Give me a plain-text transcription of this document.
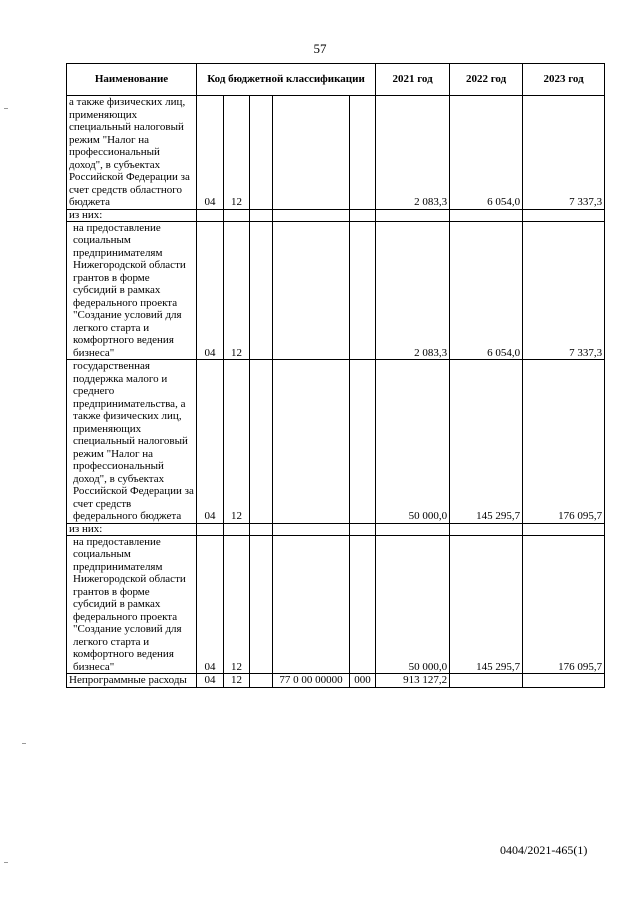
57
Наименование	Код бюджетной классификации					2021 год	2022 год	2023 год
а также физических лиц, применяющих специальный налоговый режим "Налог на профессиональный доход", в субъектах Российской Федерации за счет средств областного бюджета	04	12				2 083,3	6 054,0	7 337,3
из них:								
на предоставление социальным предпринимателям Нижегородской области грантов в форме субсидий в рамках федерального проекта "Создание условий для легкого старта и комфортного ведения бизнеса"	04	12				2 083,3	6 054,0	7 337,3
государственная поддержка малого и среднего предпринимательства, а также физических лиц, применяющих специальный налоговый режим "Налог на профессиональный доход", в субъектах Российской Федерации за счет средств федерального бюджета	04	12				50 000,0	145 295,7	176 095,7
из них:								
на предоставление социальным предпринимателям Нижегородской области грантов в форме субсидий в рамках федерального проекта "Создание условий для легкого старта и комфортного ведения бизнеса"	04	12				50 000,0	145 295,7	176 095,7
Непрограммные расходы	04	12		77 0 00 00000	000	913 127,2		
0404/2021-465(1)
